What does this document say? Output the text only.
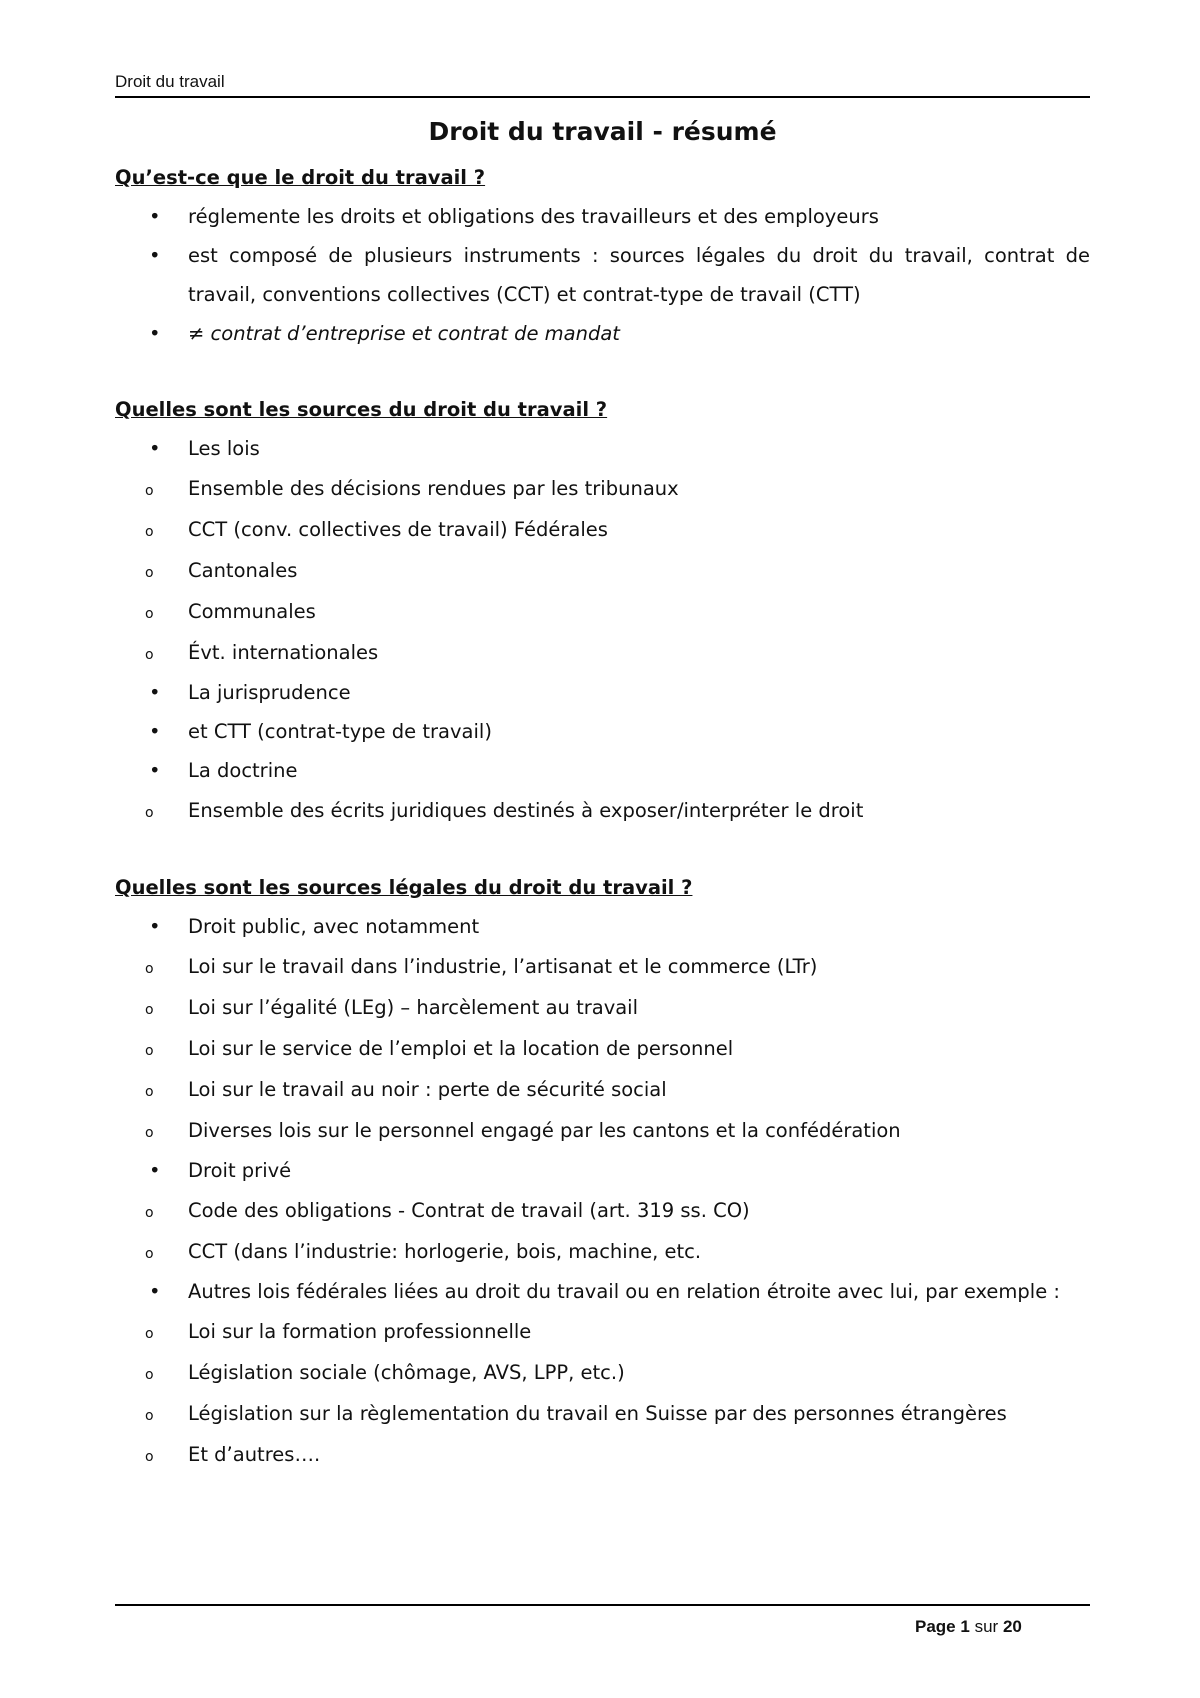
Droit du travail
Droit du travail - résumé
Qu’est-ce que le droit du travail ?
• réglemente les droits et obligations des travailleurs et des employeurs
• est composé de plusieurs instruments : sources légales du droit du travail, contrat de travail, conventions collectives (CCT) et contrat-type de travail (CTT)
• ≠ contrat d’entreprise et contrat de mandat
Quelles sont les sources du droit du travail ?
• Les lois
o Ensemble des décisions rendues par les tribunaux
o CCT (conv. collectives de travail) Fédérales
o Cantonales
o Communales
o Évt. internationales
• La jurisprudence
• et CTT (contrat-type de travail)
• La doctrine
o Ensemble des écrits juridiques destinés à exposer/interpréter le droit
Quelles sont les sources légales du droit du travail ?
• Droit public, avec notamment
o Loi sur le travail dans l’industrie, l’artisanat et le commerce (LTr)
o Loi sur l’égalité (LEg) – harcèlement au travail
o Loi sur le service de l’emploi et la location de personnel
o Loi sur le travail au noir : perte de sécurité social
o Diverses lois sur le personnel engagé par les cantons et la confédération
• Droit privé
o Code des obligations - Contrat de travail (art. 319 ss. CO)
o CCT (dans l’industrie: horlogerie, bois, machine, etc.
• Autres lois fédérales liées au droit du travail ou en relation étroite avec lui, par exemple :
o Loi sur la formation professionnelle
o Législation sociale (chômage, AVS, LPP, etc.)
o Législation sur la règlementation du travail en Suisse par des personnes étrangères
o Et d’autres….
Page 1 sur 20
